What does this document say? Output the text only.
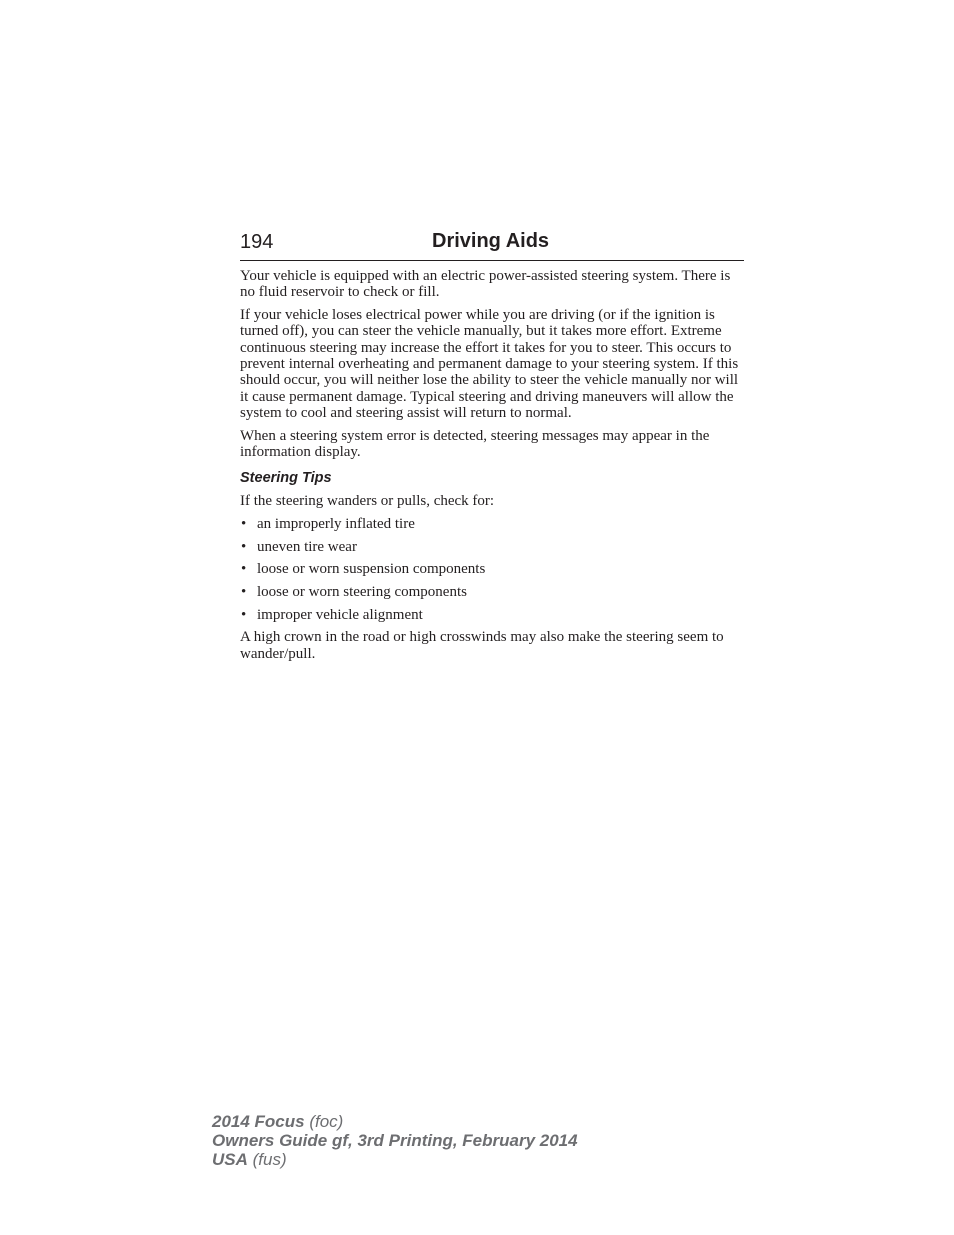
194	Driving Aids

Your vehicle is equipped with an electric power-assisted steering system. There is no fluid reservoir to check or fill.

If your vehicle loses electrical power while you are driving (or if the ignition is turned off), you can steer the vehicle manually, but it takes more effort. Extreme continuous steering may increase the effort it takes for you to steer. This occurs to prevent internal overheating and permanent damage to your steering system. If this should occur, you will neither lose the ability to steer the vehicle manually nor will it cause permanent damage. Typical steering and driving maneuvers will allow the system to cool and steering assist will return to normal.

When a steering system error is detected, steering messages may appear in the information display.

Steering Tips

If the steering wanders or pulls, check for:

• an improperly inflated tire
• uneven tire wear
• loose or worn suspension components
• loose or worn steering components
• improper vehicle alignment

A high crown in the road or high crosswinds may also make the steering seem to wander/pull.

2014 Focus (foc)
Owners Guide gf, 3rd Printing, February 2014
USA (fus)
